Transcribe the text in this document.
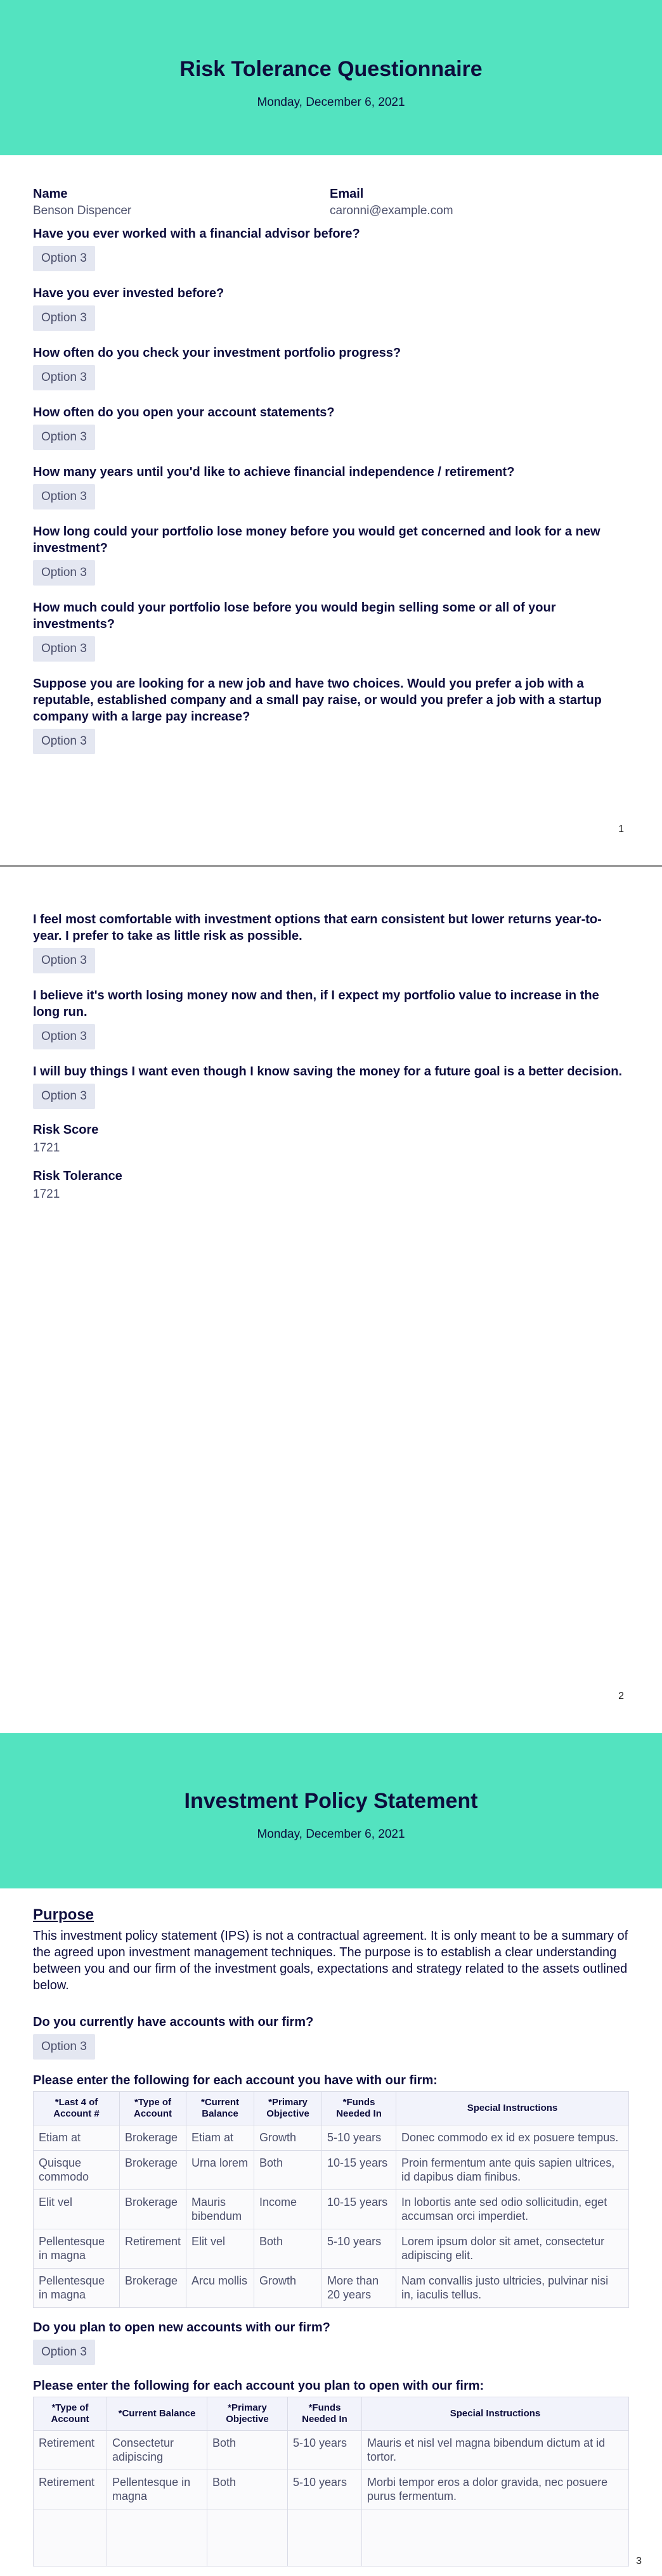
Risk Tolerance Questionnaire
Monday, December 6, 2021
Name
Benson Dispencer
Email
caronni@example.com
Have you ever worked with a financial advisor before?
Option 3
Have you ever invested before?
Option 3
How often do you check your investment portfolio progress?
Option 3
How often do you open your account statements?
Option 3
How many years until you'd like to achieve financial independence / retirement?
Option 3
How long could your portfolio lose money before you would get concerned and look for a new investment?
Option 3
How much could your portfolio lose before you would begin selling some or all of your investments?
Option 3
Suppose you are looking for a new job and have two choices. Would you prefer a job with a reputable, established company and a small pay raise, or would you prefer a job with a startup company with a large pay increase?
Option 3
1
I feel most comfortable with investment options that earn consistent but lower returns year-to-year. I prefer to take as little risk as possible.
Option 3
I believe it's worth losing money now and then, if I expect my portfolio value to increase in the long run.
Option 3
I will buy things I want even though I know saving the money for a future goal is a better decision.
Option 3
Risk Score
1721
Risk Tolerance
1721
2
Investment Policy Statement
Monday, December 6, 2021
Purpose
This investment policy statement (IPS) is not a contractual agreement. It is only meant to be a summary of the agreed upon investment management techniques. The purpose is to establish a clear understanding between you and our firm of the investment goals, expectations and strategy related to the assets outlined below.
Do you currently have accounts with our firm?
Option 3
Please enter the following for each account you have with our firm:
*Last 4 of Account #	*Type of Account	*Current Balance	*Primary Objective	*Funds Needed In	Special Instructions
Etiam at	Brokerage	Etiam at	Growth	5-10 years	Donec commodo ex id ex posuere tempus.
Quisque commodo	Brokerage	Urna lorem	Both	10-15 years	Proin fermentum ante quis sapien ultrices, id dapibus diam finibus.
Elit vel	Brokerage	Mauris bibendum	Income	10-15 years	In lobortis ante sed odio sollicitudin, eget accumsan orci imperdiet.
Pellentesque in magna	Retirement	Elit vel	Both	5-10 years	Lorem ipsum dolor sit amet, consectetur adipiscing elit.
Pellentesque in magna	Brokerage	Arcu mollis	Growth	More than 20 years	Nam convallis justo ultricies, pulvinar nisi in, iaculis tellus.
Do you plan to open new accounts with our firm?
Option 3
Please enter the following for each account you plan to open with our firm:
*Type of Account	*Current Balance	*Primary Objective	*Funds Needed In	Special Instructions
Retirement	Consectetur adipiscing	Both	5-10 years	Mauris et nisl vel magna bibendum dictum at id tortor.
Retirement	Pellentesque in magna	Both	5-10 years	Morbi tempor eros a dolor gravida, nec posuere purus fermentum.

3
